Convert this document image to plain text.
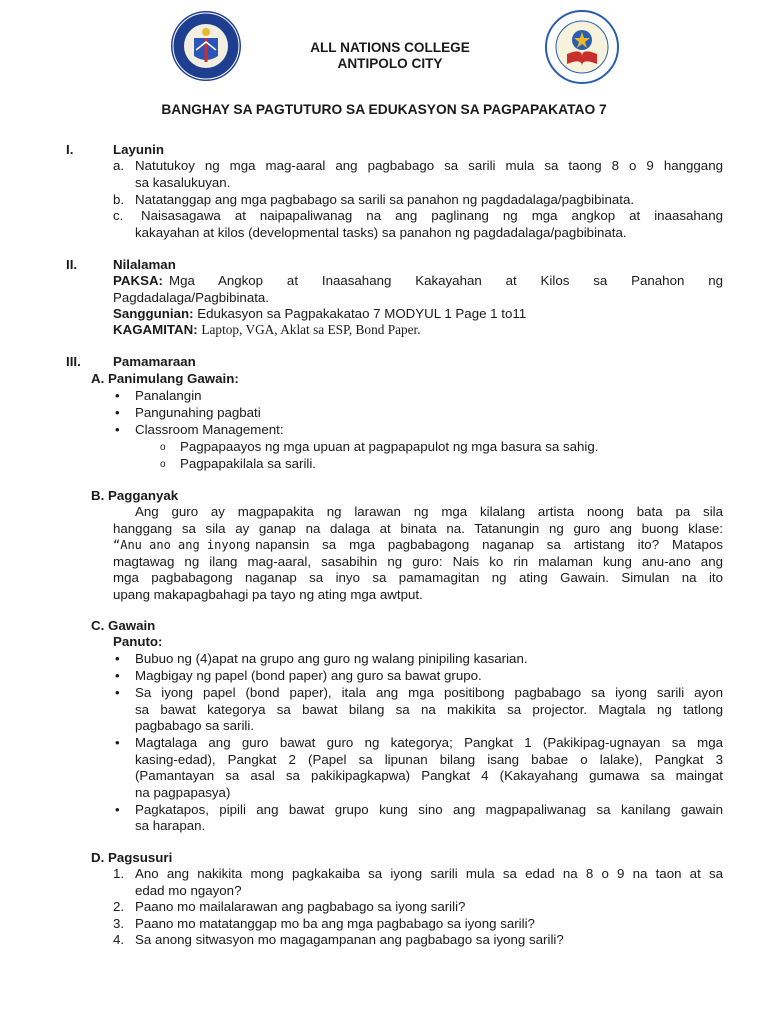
ALL NATIONS COLLEGE
ANTIPOLO CITY
BANGHAY SA PAGTUTURO SA EDUKASYON SA PAGPAPAKATAO 7
I.	Layunin
a. Natutukoy ng mga mag-aaral ang pagbabago sa sarili mula sa taong 8 o 9 hanggang
sa kasalukuyan.
b. Natatanggap ang mga pagbabago sa sarili sa panahon ng pagdadalaga/pagbibinata.
c. Naisasagawa at naipapaliwanag na ang paglinang ng mga angkop at inaasahang
kakayahan at kilos (developmental tasks) sa panahon ng pagdadalaga/pagbibinata.
II.	Nilalaman
PAKSA: Mga Angkop at Inaasahang Kakayahan at Kilos sa Panahon ng
Pagdadalaga/Pagbibinata.
Sanggunian: Edukasyon sa Pagpakakatao 7 MODYUL 1 Page 1 to11
KAGAMITAN: Laptop, VGA, Aklat sa ESP, Bond Paper.
III. Pamamaraan
A. Panimulang Gawain:
• Panalangin
• Pangunahing pagbati
• Classroom Management:
o Pagpapaayos ng mga upuan at pagpapapulot ng mga basura sa sahig.
o Pagpapakilala sa sarili.
B. Pagganyak
Ang guro ay magpapakita ng larawan ng mga kilalang artista noong bata pa sila
hanggang sa sila ay ganap na dalaga at binata na. Tatanungin ng guro ang buong klase:
“Anu ano ang inyong napansin sa mga pagbabagong naganap sa artistang ito? Matapos
magtawag ng ilang mag-aaral, sasabihin ng guro: Nais ko rin malaman kung anu-ano ang
mga pagbabagong naganap sa inyo sa pamamagitan ng ating Gawain. Simulan na ito
upang makapagbahagi pa tayo ng ating mga awtput.
C. Gawain
Panuto:
• Bubuo ng (4)apat na grupo ang guro ng walang pinipiling kasarian.
• Magbigay ng papel (bond paper) ang guro sa bawat grupo.
• Sa iyong papel (bond paper), itala ang mga positibong pagbabago sa iyong sarili ayon
sa bawat kategorya sa bawat bilang sa na makikita sa projector. Magtala ng tatlong
pagbabago sa sarili.
• Magtalaga ang guro bawat guro ng kategorya; Pangkat 1 (Pakikipag-ugnayan sa mga
kasing-edad), Pangkat 2 (Papel sa lipunan bilang isang babae o lalake), Pangkat 3
(Pamantayan sa asal sa pakikipagkapwa) Pangkat 4 (Kakayahang gumawa sa maingat
na pagpapasya)
• Pagkatapos, pipili ang bawat grupo kung sino ang magpapaliwanag sa kanilang gawain
sa harapan.
D. Pagsusuri
1. Ano ang nakikita mong pagkakaiba sa iyong sarili mula sa edad na 8 o 9 na taon at sa
edad mo ngayon?
2. Paano mo mailalarawan ang pagbabago sa iyong sarili?
3. Paano mo matatanggap mo ba ang mga pagbabago sa iyong sarili?
4. Sa anong sitwasyon mo magagampanan ang pagbabago sa iyong sarili?
